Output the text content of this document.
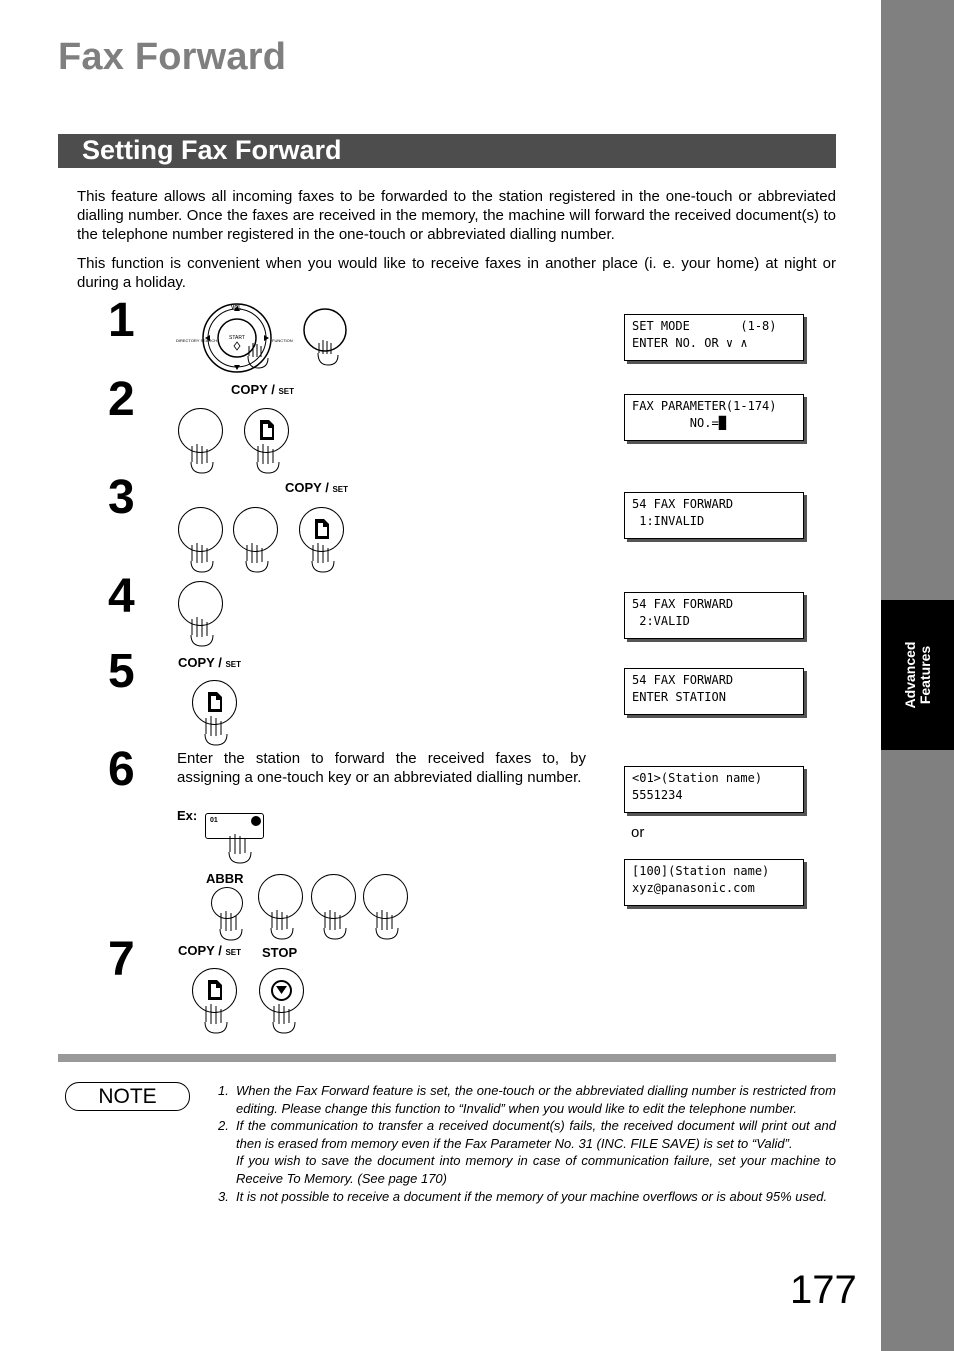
Advanced
Features
Fax Forward
Setting Fax Forward

This feature allows all incoming faxes to be forwarded to the station registered in the one-touch or abbreviated dialling number. Once the faxes are received in the memory, the machine will forward the received document(s) to the telephone number registered in the one-touch or abbreviated dialling number.

This function is convenient when you would like to receive faxes in another place (i. e. your home) at night or during a holiday.

1
2
3
4
5
6
7
VOL
START
DIRECTORY SEARCH	FUNCTION
COPY / SET
COPY / SET
COPY / SET

Enter the station to forward the received faxes to, by assigning a one-touch key or an abbreviated dialling number.

Ex: 01
ABBR
COPY / SET STOP
SET MODE       (1-8)
ENTER NO. OR ∨ ∧
FAX PARAMETER(1-174)
NO.=█
54 FAX FORWARD
1:INVALID
54 FAX FORWARD
2:VALID
54 FAX FORWARD
ENTER STATION
<01>(Station name)
5551234
or
[100](Station name)
xyz@panasonic.com
NOTE	1. When the Fax Forward feature is set, the one-touch or the abbreviated dialling number is restricted from editing. Please change this function to “Invalid” when you would like to edit the telephone number.

2. If the communication to transfer a received document(s) fails, the received document will print out and then is erased from memory even if the Fax Parameter No. 31 (INC. FILE SAVE) is set to “Valid”.

If you wish to save the document into memory in case of communication failure, set your machine to Receive To Memory. (See page 170)

3. It is not possible to receive a document if the memory of your machine overflows or is about 95% used.

177
